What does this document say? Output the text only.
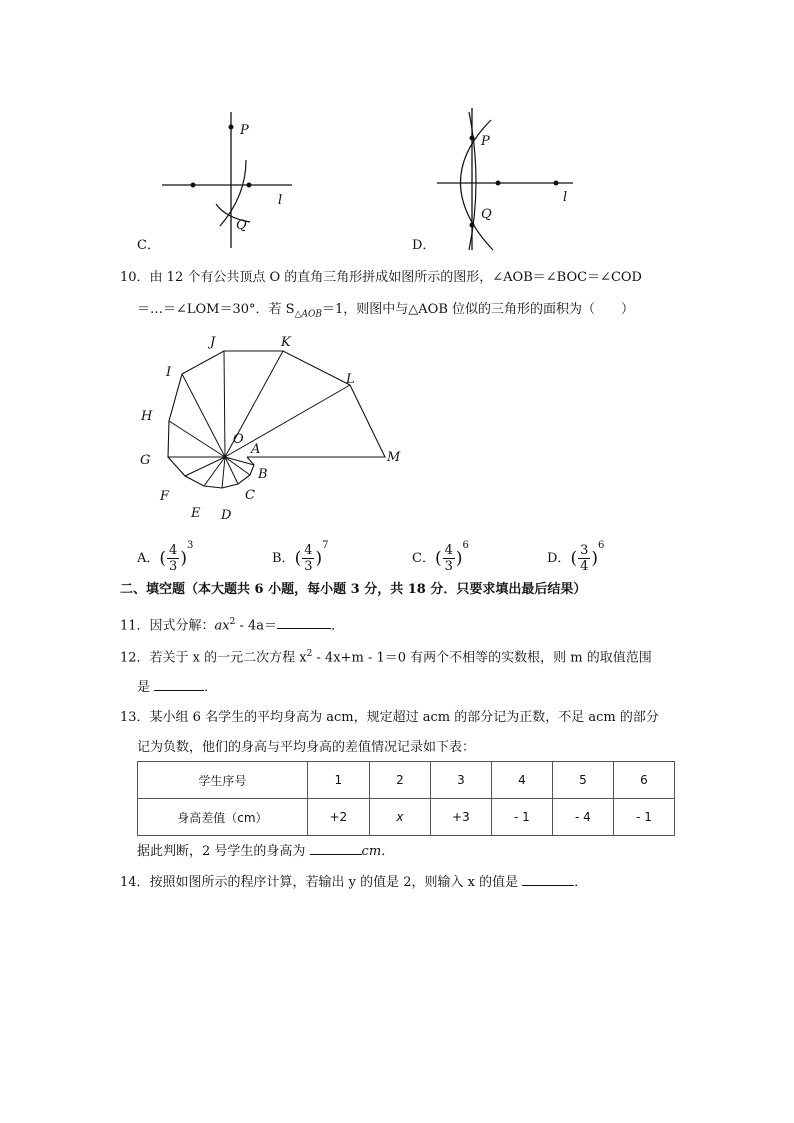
P
Q
l
C．
P
Q
l
D．
10．由 12 个有公共顶点 O 的直角三角形拼成如图所示的图形，∠AOB＝∠BOC＝∠COD
＝…＝∠LOM＝30°．若 $S_{\triangle AOB}=1$，则图中与△AOB 位似的三角形的面积为（　　）
J	K
I	L
H
O
A
G	M
B
F	C
E D
A．( $\frac{4}{3} )^3$
B．( $\frac{4}{3} )^7$
C．( $\frac{4}{3} )^6$
D．( $\frac{3}{4} )^6$
二、填空题（本大题共 6 小题，每小题 3 分，共 18 分．只要求填出最后结果）
11．因式分解：$ax^2 - 4a=$	．
12．若关于 x 的一元二次方程 $x^2 - 4x+m - 1=0$ 有两个不相等的实数根，则 m 的取值范围
是	．
13．某小组 6 名学生的平均身高为 acm，规定超过 acm 的部分记为正数，不足 acm 的部分
记为负数，他们的身高与平均身高的差值情况记录如下表：
学生序号	1	2	3	4	5	6
身高差值（cm）	+2	x	+3	- 1	- 4	- 1
据此判断，2 号学生的身高为	cm．
14．按照如图所示的程序计算，若输出 y 的值是 2，则输入 x 的值是	．
